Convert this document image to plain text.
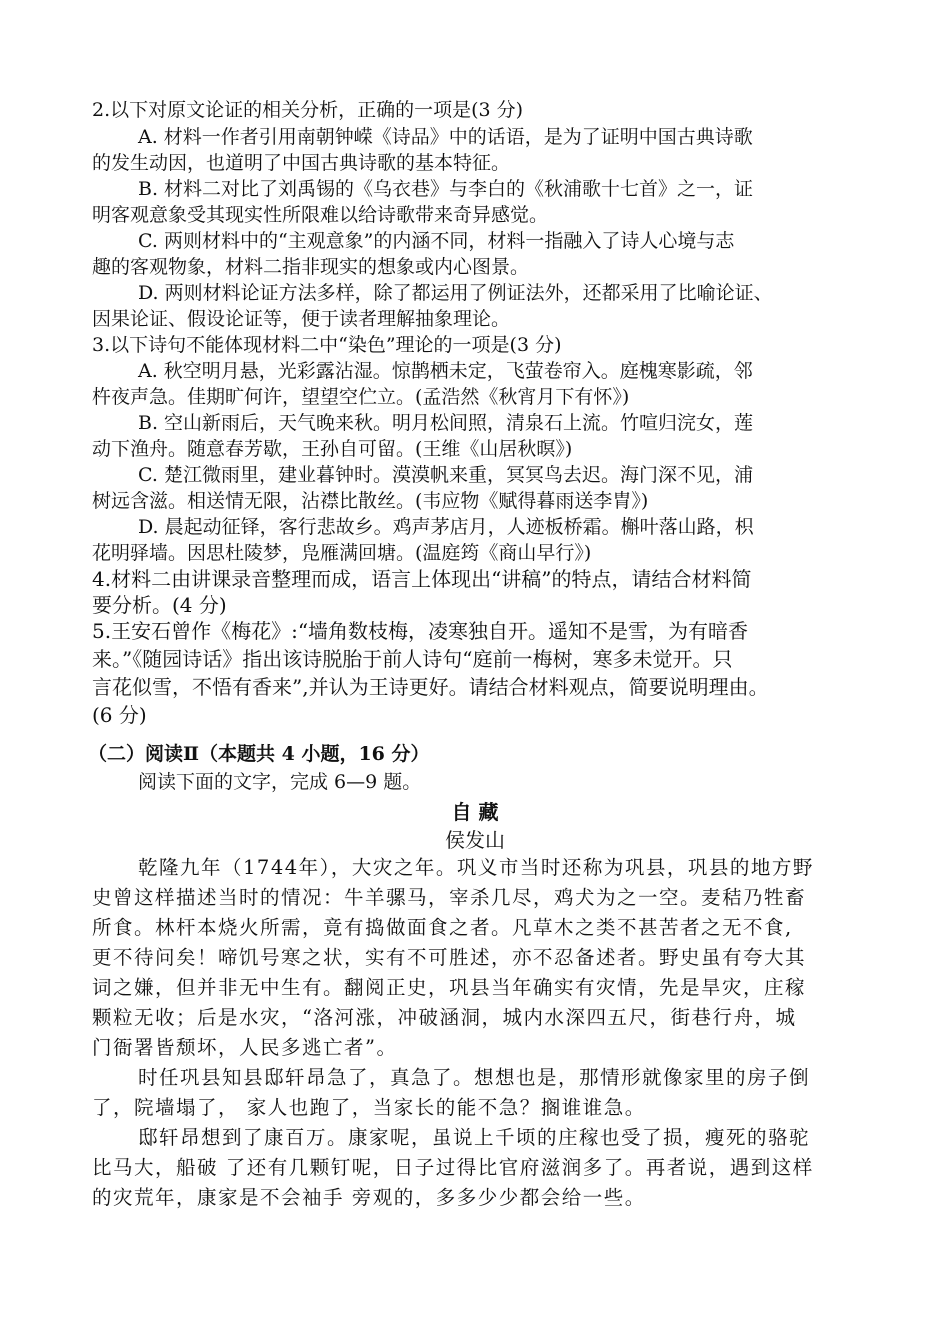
2.以下对原文论证的相关分析，正确的一项是(3 分)
A. 材料一作者引用南朝钟嵘《诗品》中的话语，是为了证明中国古典诗歌
的发生动因，也道明了中国古典诗歌的基本特征。
B. 材料二对比了刘禹锡的《乌衣巷》与李白的《秋浦歌十七首》之一，证
明客观意象受其现实性所限难以给诗歌带来奇异感觉。
C. 两则材料中的“主观意象”的内涵不同，材料一指融入了诗人心境与志
趣的客观物象，材料二指非现实的想象或内心图景。
D. 两则材料论证方法多样，除了都运用了例证法外，还都采用了比喻论证、
因果论证、假设论证等，便于读者理解抽象理论。
3.以下诗句不能体现材料二中“染色”理论的一项是(3 分)
A. 秋空明月悬，光彩露沾湿。惊鹊栖未定，飞萤卷帘入。庭槐寒影疏，邻
杵夜声急。佳期旷何许，望望空伫立。(孟浩然《秋宵月下有怀》)
B. 空山新雨后，天气晚来秋。明月松间照，清泉石上流。竹喧归浣女，莲
动下渔舟。随意春芳歇，王孙自可留。(王维《山居秋暝》)
C. 楚江微雨里，建业暮钟时。漠漠帆来重，冥冥鸟去迟。海门深不见，浦
树远含滋。相送情无限，沾襟比散丝。(韦应物《赋得暮雨送李胄》)
D. 晨起动征铎，客行悲故乡。鸡声茅店月，人迹板桥霜。槲叶落山路，枳
花明驿墙。因思杜陵梦，凫雁满回塘。(温庭筠《商山早行》)
4.材料二由讲课录音整理而成，语言上体现出“讲稿”的特点，请结合材料简
要分析。(4 分)
5.王安石曾作《梅花》:“墙角数枝梅，凌寒独自开。遥知不是雪，为有暗香
来。”《随园诗话》指出该诗脱胎于前人诗句“庭前一梅树，寒多未觉开。只
言花似雪，不悟有香来”,并认为王诗更好。请结合材料观点，简要说明理由。
(6 分)
（二）阅读Ⅱ（本题共 4 小题，16 分）
阅读下面的文字，完成 6—9 题。
自 藏
侯发山
乾隆九年（1744年），大灾之年。巩义市当时还称为巩县，巩县的地方野
史曾这样描述当时的情况：牛羊骡马，宰杀几尽，鸡犬为之一空。麦秸乃牲畜
所食。林杆本烧火所需，竟有捣做面食之者。凡草木之类不甚苦者之无不食,
更不待问矣！啼饥号寒之状，实有不可胜述，亦不忍备述者。野史虽有夸大其
词之嫌，但并非无中生有。翻阅正史，巩县当年确实有灾情，先是旱灾，庄稼
颗粒无收；后是水灾，“洛河涨，冲破涵洞，城内水深四五尺，街巷行舟，城
门衙署皆颓坏，人民多逃亡者”。
时任巩县知县邸轩昂急了，真急了。想想也是，那情形就像家里的房子倒
了，院墙塌了， 家人也跑了，当家长的能不急？搁谁谁急。
邸轩昂想到了康百万。康家呢，虽说上千顷的庄稼也受了损，瘦死的骆驼
比马大，船破 了还有几颗钉呢，日子过得比官府滋润多了。再者说，遇到这样
的灾荒年，康家是不会袖手 旁观的，多多少少都会给一些。
